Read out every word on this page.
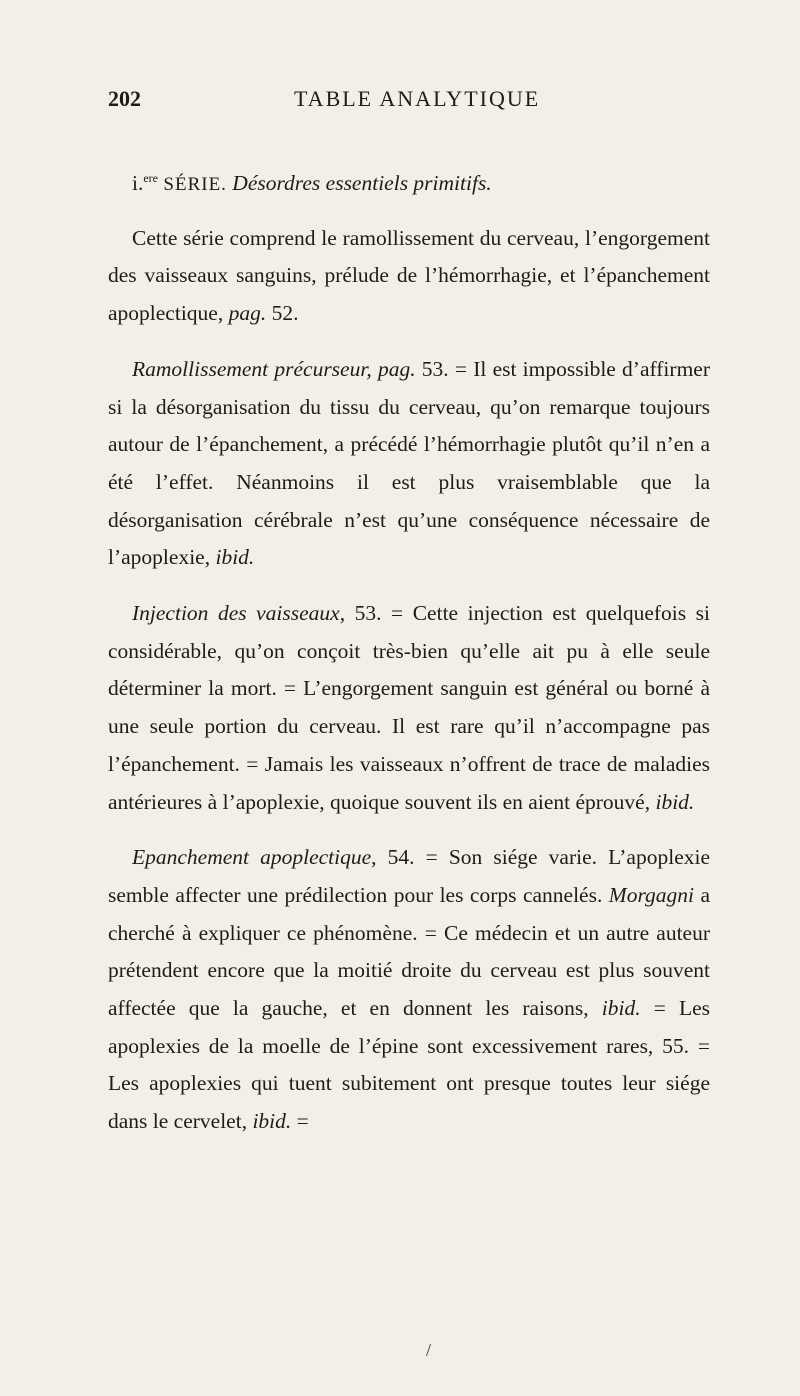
202	TABLE ANALYTIQUE

i.$^{ere}$ SÉRIE. Désordres essentiels primitifs.

Cette série comprend le ramollissement du cerveau, l’engorgement des vaisseaux sanguins, prélude de l’hémorrhagie, et l’épanchement apoplectique, pag. 52.

Ramollissement précurseur, pag. 53. = Il est impossible d’affirmer si la désorganisation du tissu du cerveau, qu’on remarque toujours autour de l’épanchement, a précédé l’hémorrhagie plutôt qu’il n’en a été l’effet. Néanmoins il est plus vraisemblable que la désorganisation cérébrale n’est qu’une conséquence nécessaire de l’apoplexie, ibid.

Injection des vaisseaux, 53. = Cette injection est quelquefois si considérable, qu’on conçoit très-bien qu’elle ait pu à elle seule déterminer la mort. = L’engorgement sanguin est général ou borné à une seule portion du cerveau. Il est rare qu’il n’accompagne pas l’épanchement. = Jamais les vaisseaux n’offrent de trace de maladies antérieures à l’apoplexie, quoique souvent ils en aient éprouvé, ibid.

Epanchement apoplectique, 54. = Son siége varie. L’apoplexie semble affecter une prédilection pour les corps cannelés. Morgagni a cherché à expliquer ce phénomène. = Ce médecin et un autre auteur prétendent encore que la moitié droite du cerveau est plus souvent affectée que la gauche, et en donnent les raisons, ibid. = Les apoplexies de la moelle de l’épine sont excessivement rares, 55. = Les apoplexies qui tuent subitement ont presque toutes leur siége dans le cervelet, ibid. =

/
